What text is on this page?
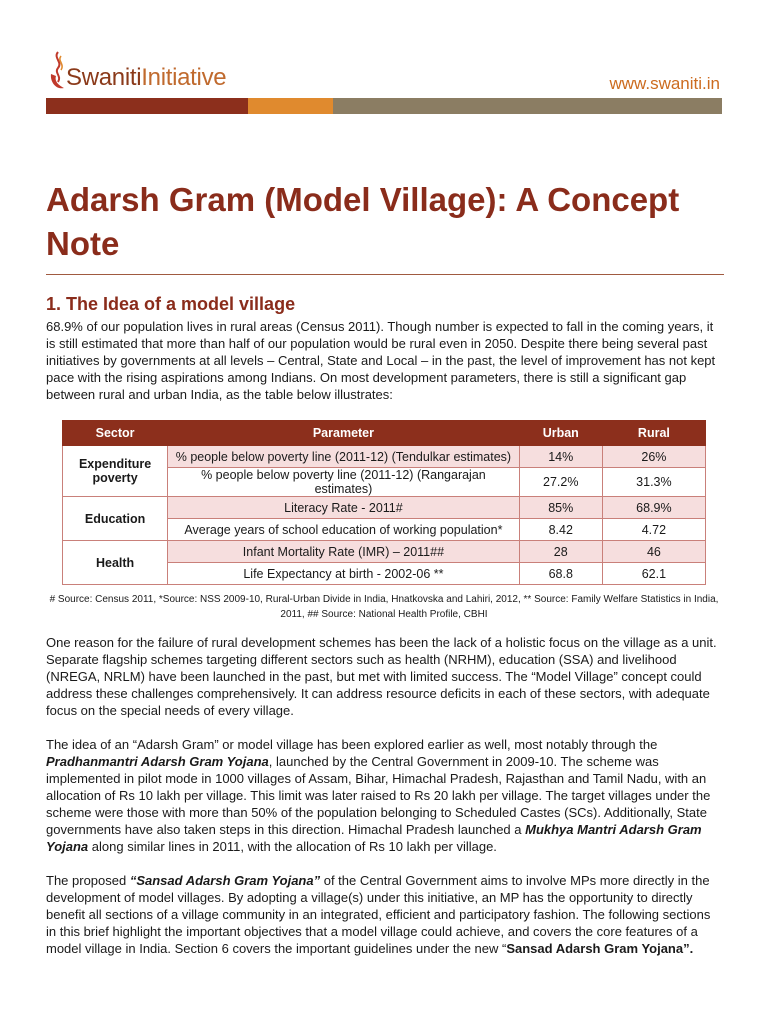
SwanitiInitiative	www.swaniti.in
Adarsh Gram (Model Village): A Concept Note
1. The Idea of a model village

68.9% of our population lives in rural areas (Census 2011). Though number is expected to fall in the coming years, it is still estimated that more than half of our population would be rural even in 2050. Despite there being several past initiatives by governments at all levels – Central, State and Local – in the past, the level of improvement has not kept pace with the rising aspirations among Indians. On most development parameters, there is still a significant gap between rural and urban India, as the table below illustrates:

Sector	Parameter	Urban	Rural
Expenditure poverty	% people below poverty line (2011-12) (Tendulkar estimates)	14%	26%
	% people below poverty line (2011-12) (Rangarajan estimates)	27.2%	31.3%
Education	Literacy Rate - 2011#	85%	68.9%
	Average years of school education of working population*	8.42	4.72
Health	Infant Mortality Rate (IMR) – 2011##	28	46
	Life Expectancy at birth - 2002-06 **	68.8	62.1

# Source: Census 2011, *Source: NSS 2009-10, Rural-Urban Divide in India, Hnatkovska and Lahiri, 2012, ** Source: Family Welfare Statistics in India, 2011, ## Source: National Health Profile, CBHI

One reason for the failure of rural development schemes has been the lack of a holistic focus on the village as a unit. Separate flagship schemes targeting different sectors such as health (NRHM), education (SSA) and livelihood (NREGA, NRLM) have been launched in the past, but met with limited success. The “Model Village” concept could address these challenges comprehensively. It can address resource deficits in each of these sectors, with adequate focus on the special needs of every village.

The idea of an “Adarsh Gram” or model village has been explored earlier as well, most notably through the Pradhanmantri Adarsh Gram Yojana, launched by the Central Government in 2009-10. The scheme was implemented in pilot mode in 1000 villages of Assam, Bihar, Himachal Pradesh, Rajasthan and Tamil Nadu, with an allocation of Rs 10 lakh per village. This limit was later raised to Rs 20 lakh per village. The target villages under the scheme were those with more than 50% of the population belonging to Scheduled Castes (SCs). Additionally, State governments have also taken steps in this direction. Himachal Pradesh launched a Mukhya Mantri Adarsh Gram Yojana along similar lines in 2011, with the allocation of Rs 10 lakh per village.

The proposed “Sansad Adarsh Gram Yojana” of the Central Government aims to involve MPs more directly in the development of model villages. By adopting a village(s) under this initiative, an MP has the opportunity to directly benefit all sections of a village community in an integrated, efficient and participatory fashion. The following sections in this brief highlight the important objectives that a model village could achieve, and covers the core features of a model village in India. Section 6 covers the important guidelines under the new “Sansad Adarsh Gram Yojana”.
